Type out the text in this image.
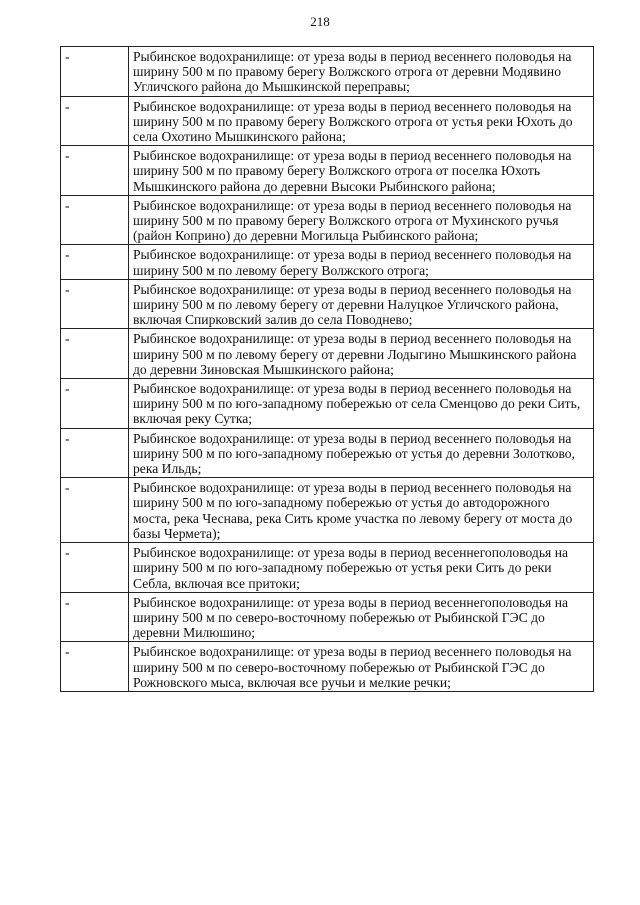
218
-	Рыбинское водохранилище: от уреза воды в период весеннего половодья на ширину 500 м по правому берегу Волжского отрога от деревни Модявино Угличского района до Мышкинской переправы;
-	Рыбинское водохранилище: от уреза воды в период весеннего половодья на ширину 500 м по правому берегу Волжского отрога от устья реки Юхоть до села Охотино Мышкинского района;
-	Рыбинское водохранилище: от уреза воды в период весеннего половодья на ширину 500 м по правому берегу Волжского отрога от поселка Юхоть Мышкинского района до деревни Высоки Рыбинского района;
-	Рыбинское водохранилище: от уреза воды в период весеннего половодья на ширину 500 м по правому берегу Волжского отрога от Мухинского ручья (район Коприно) до деревни Могильца Рыбинского района;
-	Рыбинское водохранилище: от уреза воды в период весеннего половодья на ширину 500 м по левому берегу Волжского отрога;
-	Рыбинское водохранилище: от уреза воды в период весеннего половодья на ширину 500 м по левому берегу от деревни Налуцкое Угличского района, включая Спирковский залив до села Поводнево;
-	Рыбинское водохранилище: от уреза воды в период весеннего половодья на ширину 500 м по левому берегу от деревни Лодыгино Мышкинского района до деревни Зиновская Мышкинского района;
-	Рыбинское водохранилище: от уреза воды в период весеннего половодья на ширину 500 м по юго-западному побережью от села Сменцово до реки Сить, включая реку Сутка;
-	Рыбинское водохранилище: от уреза воды в период весеннего половодья на ширину 500 м по юго-западному побережью от устья до деревни Золотково, река Ильдь;
-	Рыбинское водохранилище: от уреза воды в период весеннего половодья на ширину 500 м по юго-западному побережью от устья до автодорожного моста, река Чеснава, река Сить кроме участка по левому берегу от моста до базы Чермета);
-	Рыбинское водохранилище: от уреза воды в период весеннегополоводья на ширину 500 м по юго-западному побережью от устья реки Сить до реки Себла, включая все притоки;
-	Рыбинское водохранилище: от уреза воды в период весеннегополоводья на ширину 500 м по северо-восточному побережью от Рыбинской ГЭС до деревни Милюшино;
-	Рыбинское водохранилище: от уреза воды в период весеннего половодья на ширину 500 м по северо-восточному побережью от Рыбинской ГЭС до Рожновского мыса, включая все ручьи и мелкие речки;
